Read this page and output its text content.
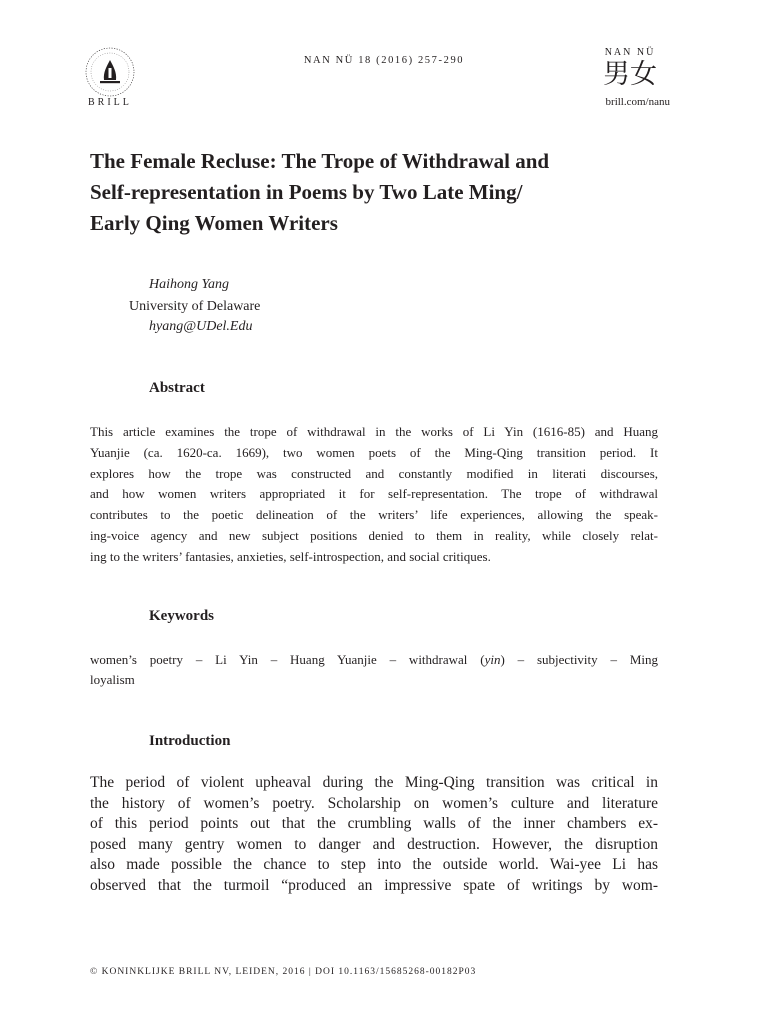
BRILL
NAN NÜ 18 (2016) 257-290
NAN NÜ
男女
brill.com/nanu
The Female Recluse: The Trope of Withdrawal and
Self-representation in Poems by Two Late Ming/
Early Qing Women Writers
Haihong Yang
University of Delaware
hyang@UDel.Edu
Abstract
This article examines the trope of withdrawal in the works of Li Yin (1616-85) and Huang
Yuanjie (ca. 1620-ca. 1669), two women poets of the Ming-Qing transition period. It
explores how the trope was constructed and constantly modified in literati discourses,
and how women writers appropriated it for self-representation. The trope of withdrawal
contributes to the poetic delineation of the writers’ life experiences, allowing the speak-
ing-voice agency and new subject positions denied to them in reality, while closely relat-
ing to the writers’ fantasies, anxieties, self-introspection, and social critiques.
Keywords
women’s poetry – Li Yin – Huang Yuanjie – withdrawal (yin) – subjectivity – Ming
loyalism
Introduction
The period of violent upheaval during the Ming-Qing transition was critical in
the history of women’s poetry. Scholarship on women’s culture and literature
of this period points out that the crumbling walls of the inner chambers ex-
posed many gentry women to danger and destruction. However, the disruption
also made possible the chance to step into the outside world. Wai-yee Li has
observed that the turmoil “produced an impressive spate of writings by wom-
© KONINKLIJKE BRILL NV, LEIDEN, 2016 | DOI 10.1163/15685268-00182P03
